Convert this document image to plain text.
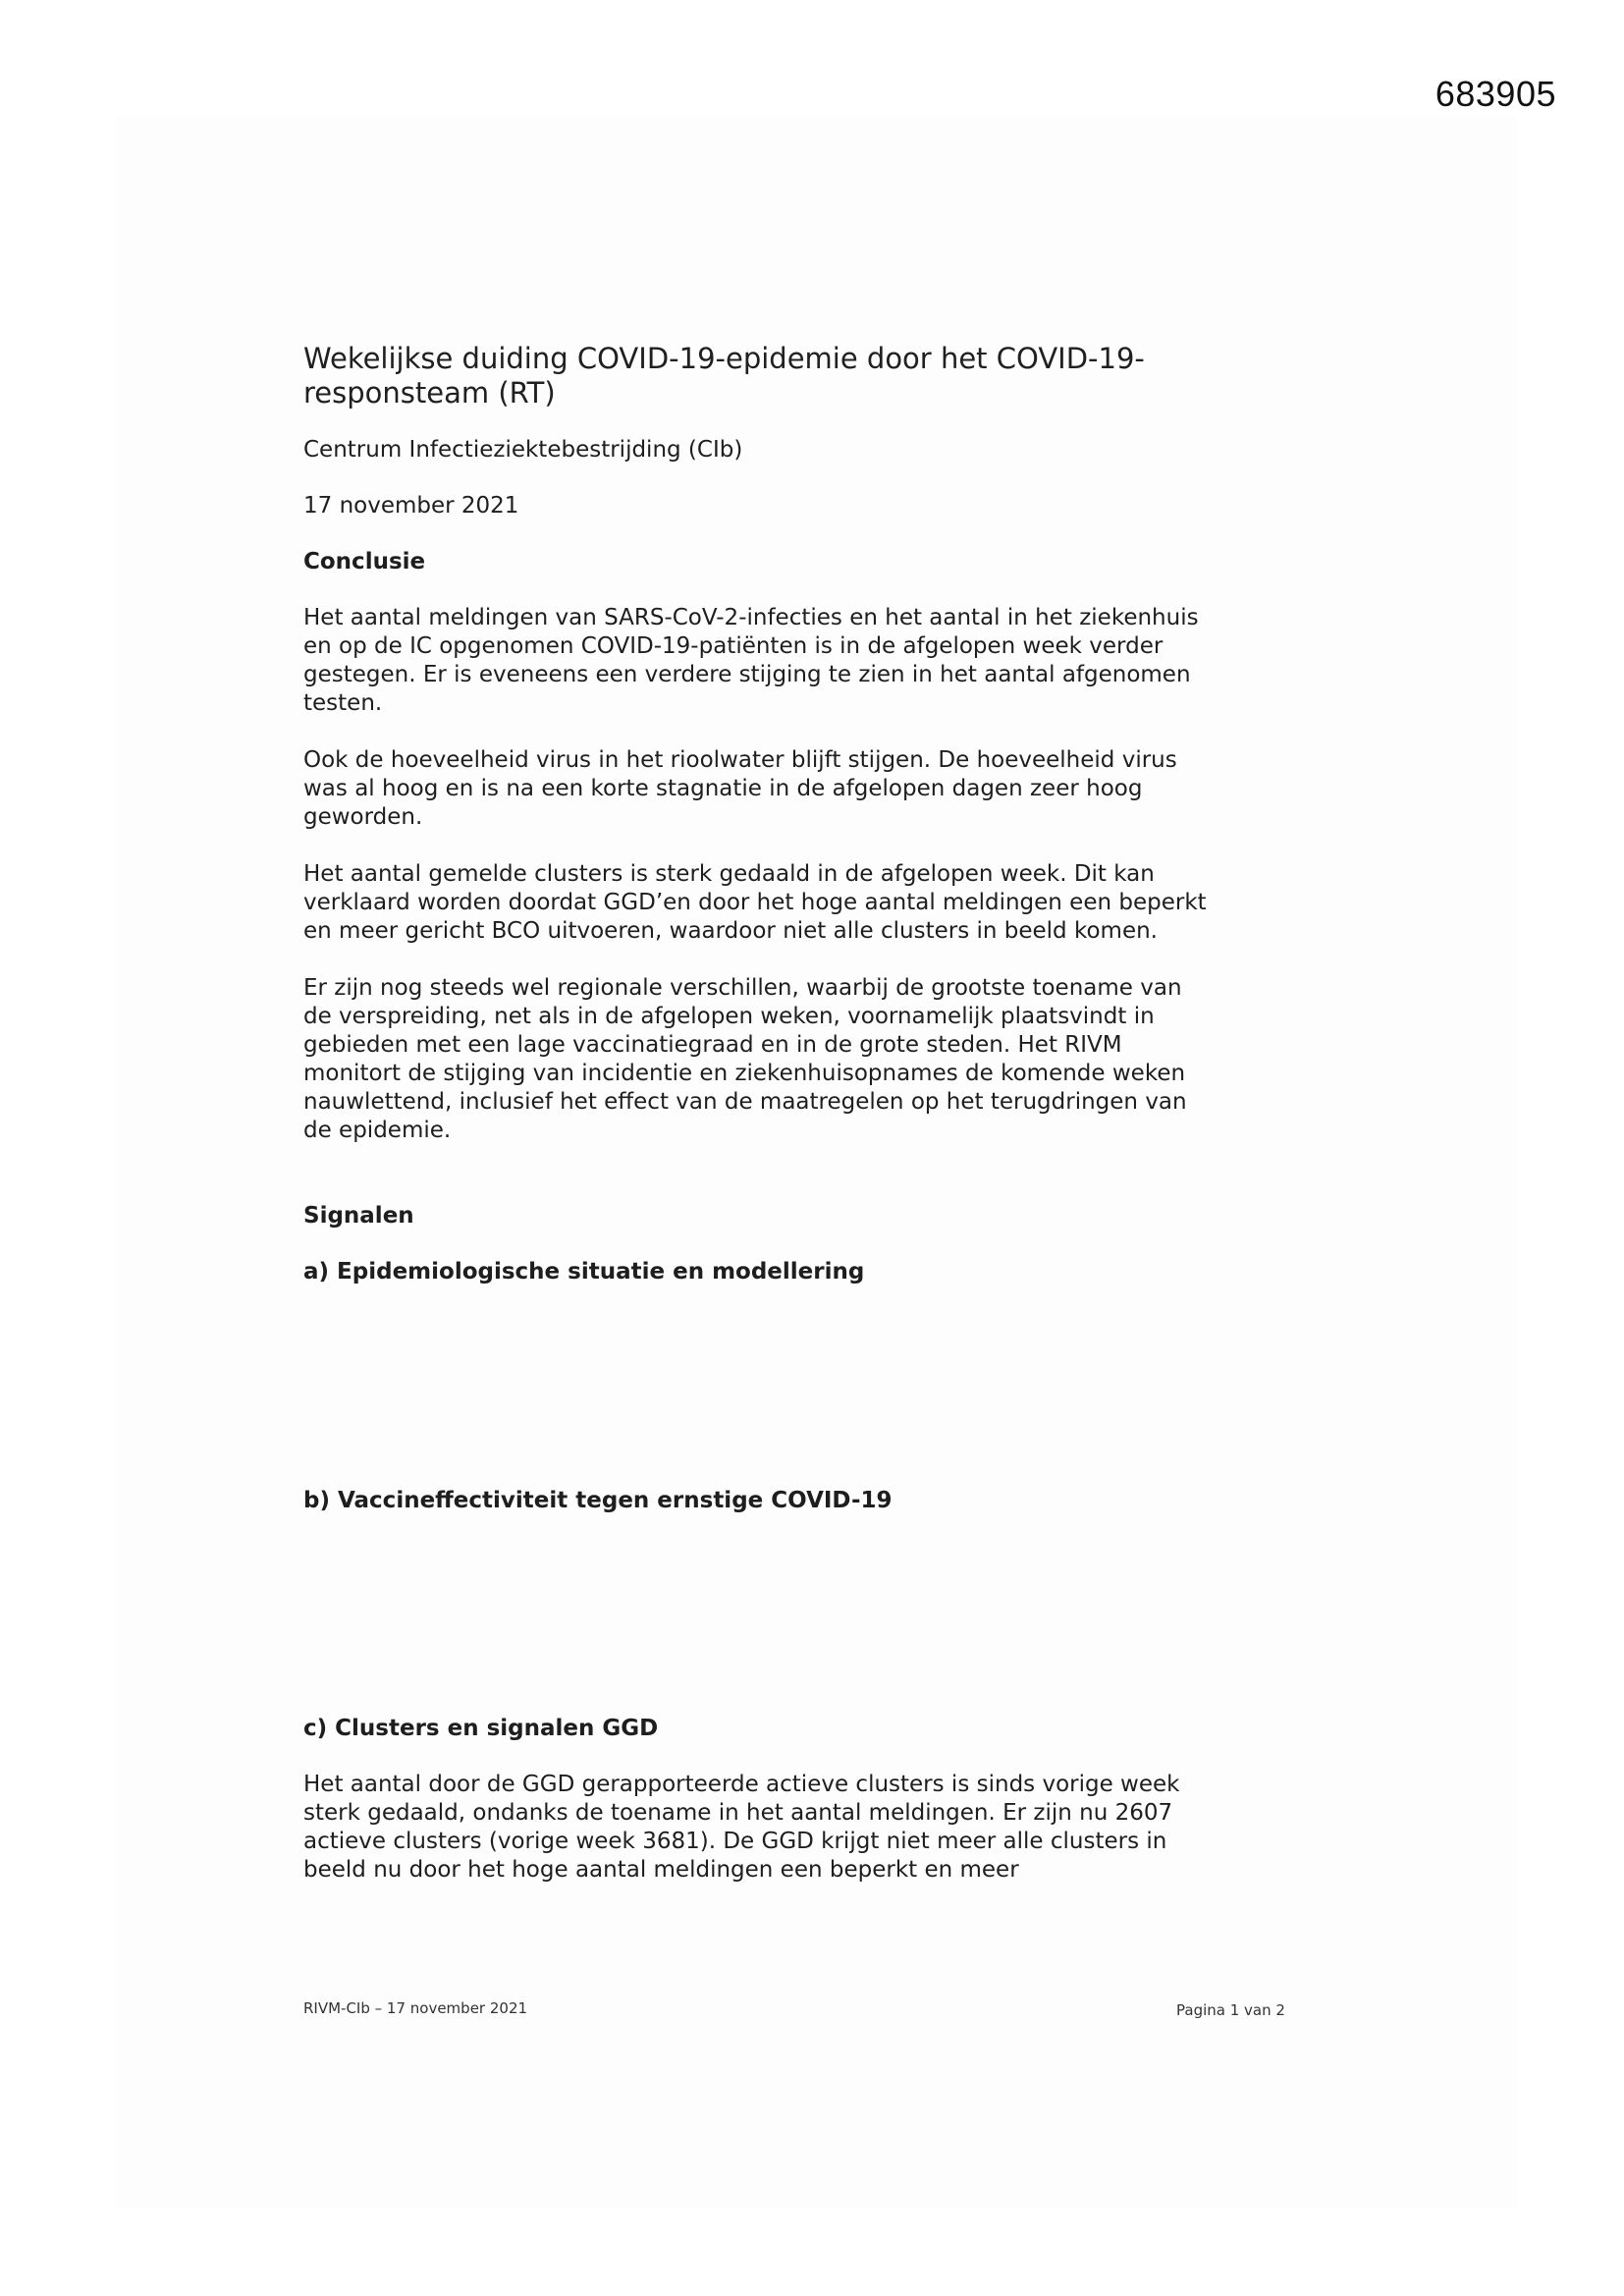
683905
Wekelijkse duiding COVID-19-epidemie door het COVID-19-responsteam (RT)

Centrum Infectieziektebestrijding (CIb)

17 november 2021

Conclusie

Het aantal meldingen van SARS-CoV-2-infecties en het aantal in het ziekenhuis en op de IC opgenomen COVID-19-patiënten is in de afgelopen week verder gestegen. Er is eveneens een verdere stijging te zien in het aantal afgenomen testen.

Ook de hoeveelheid virus in het rioolwater blijft stijgen. De hoeveelheid virus was al hoog en is na een korte stagnatie in de afgelopen dagen zeer hoog geworden.

Het aantal gemelde clusters is sterk gedaald in de afgelopen week. Dit kan verklaard worden doordat GGD’en door het hoge aantal meldingen een beperkt en meer gericht BCO uitvoeren, waardoor niet alle clusters in beeld komen.

Er zijn nog steeds wel regionale verschillen, waarbij de grootste toename van de verspreiding, net als in de afgelopen weken, voornamelijk plaatsvindt in gebieden met een lage vaccinatiegraad en in de grote steden. Het RIVM monitort de stijging van incidentie en ziekenhuisopnames de komende weken nauwlettend, inclusief het effect van de maatregelen op het terugdringen van de epidemie.

Signalen
a) Epidemiologische situatie en modellering
b) Vaccineffectiviteit tegen ernstige COVID-19
c) Clusters en signalen GGD

Het aantal door de GGD gerapporteerde actieve clusters is sinds vorige week sterk gedaald, ondanks de toename in het aantal meldingen. Er zijn nu 2607 actieve clusters (vorige week 3681). De GGD krijgt niet meer alle clusters in beeld nu door het hoge aantal meldingen een beperkt en meer

RIVM-CIb – 17 november 2021	Pagina 1 van 2
